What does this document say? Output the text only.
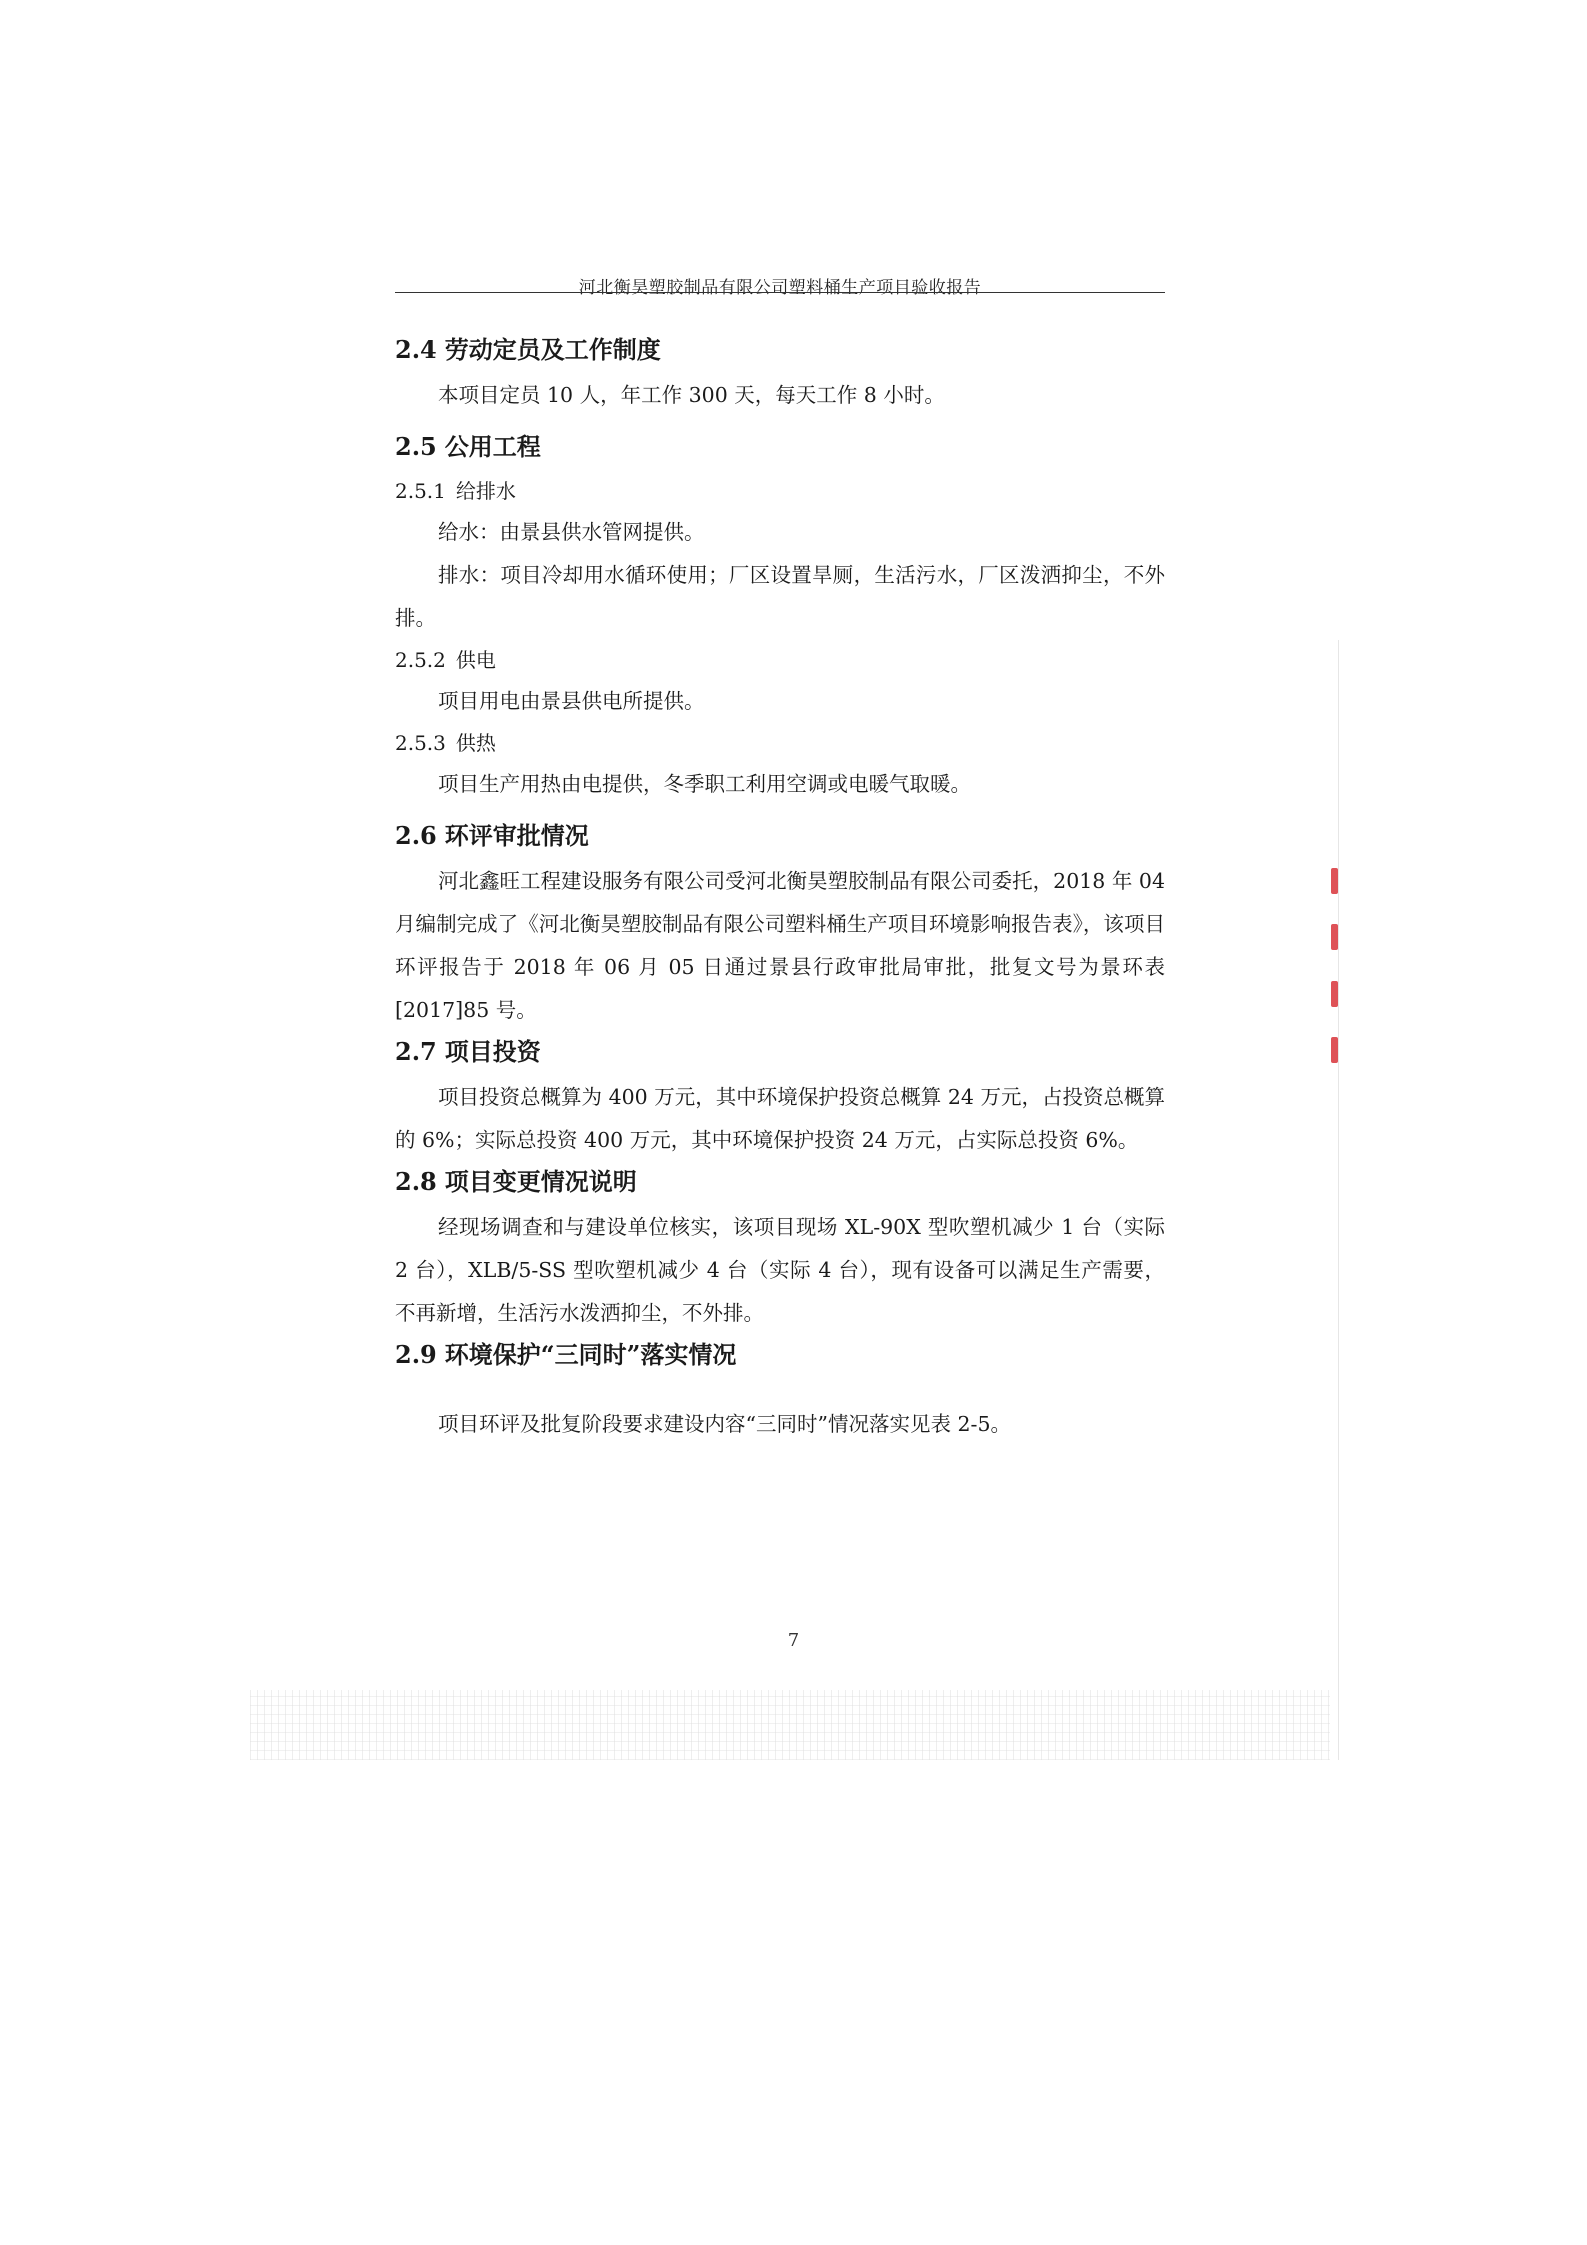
河北衡昊塑胶制品有限公司塑料桶生产项目验收报告
2.4 劳动定员及工作制度

本项目定员 10 人，年工作 300 天，每天工作 8 小时。

2.5 公用工程
2.5.1 给排水

给水：由景县供水管网提供。

排水：项目冷却用水循环使用；厂区设置旱厕，生活污水，厂区泼洒抑尘，不外排。

2.5.2 供电

项目用电由景县供电所提供。

2.5.3 供热

项目生产用热由电提供，冬季职工利用空调或电暖气取暖。

2.6 环评审批情况

河北鑫旺工程建设服务有限公司受河北衡昊塑胶制品有限公司委托，2018 年 04 月编制完成了《河北衡昊塑胶制品有限公司塑料桶生产项目环境影响报告表》，该项目环评报告于 2018 年 06 月 05 日通过景县行政审批局审批，批复文号为景环表[2017]85 号。

2.7 项目投资

项目投资总概算为 400 万元，其中环境保护投资总概算 24 万元，占投资总概算的 6%；实际总投资 400 万元，其中环境保护投资 24 万元，占实际总投资 6%。

2.8 项目变更情况说明

经现场调查和与建设单位核实，该项目现场 XL-90X 型吹塑机减少 1 台（实际 2 台），XLB/5-SS 型吹塑机减少 4 台（实际 4 台），现有设备可以满足生产需要，不再新增，生活污水泼洒抑尘，不外排。

2.9 环境保护“三同时”落实情况

项目环评及批复阶段要求建设内容“三同时”情况落实见表 2-5。

7
